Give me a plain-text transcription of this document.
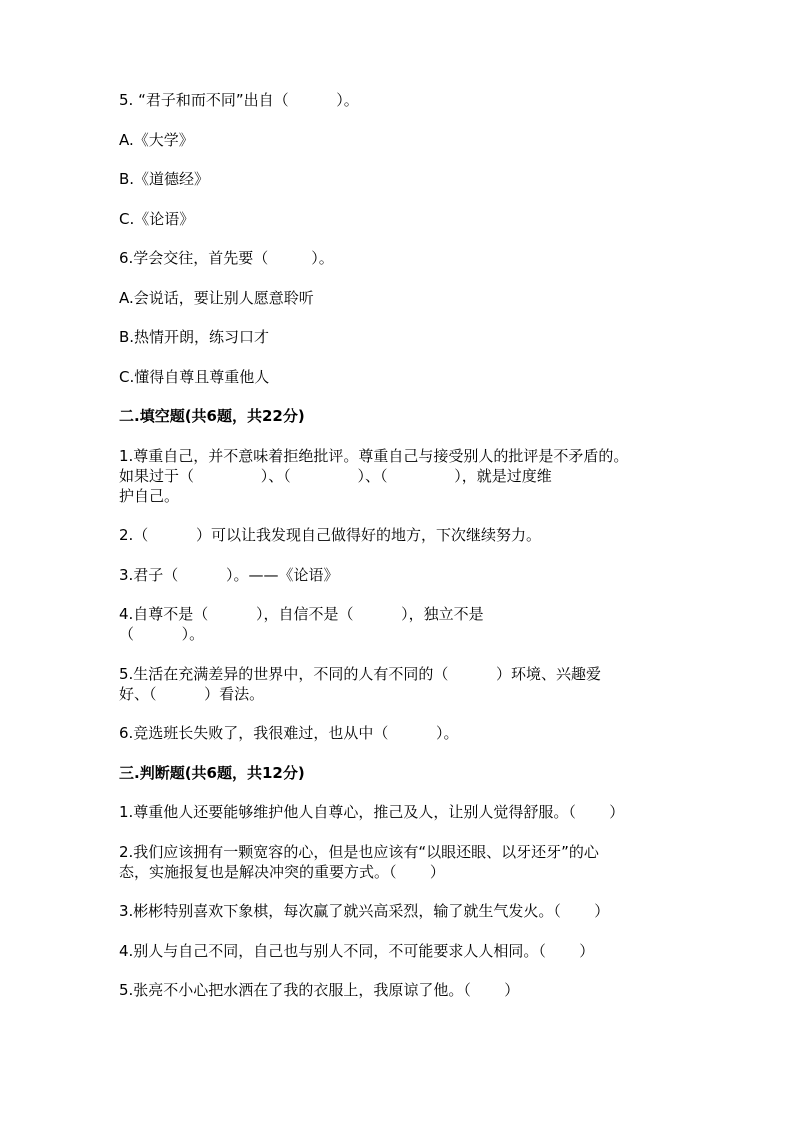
5. “君子和而不同”出自（          ）。
A.《大学》
B.《道德经》
C.《论语》
6.学会交往，首先要（         ）。
A.会说话，要让别人愿意聆听
B.热情开朗，练习口才
C.懂得自尊且尊重他人
二.填空题(共6题，共22分)
1.尊重自己，并不意味着拒绝批评。尊重自己与接受别人的批评是不矛盾的。
如果过于（              ）、（              ）、（              ），就是过度维
护自己。
2.（          ）可以让我发现自己做得好的地方，下次继续努力。
3.君子（          ）。——《论语》
4.自尊不是（          ），自信不是（          ），独立不是
（          ）。
5.生活在充满差异的世界中，不同的人有不同的（          ）环境、兴趣爱
好、（          ）看法。
6.竞选班长失败了，我很难过，也从中（          ）。
三.判断题(共6题，共12分)
1.尊重他人还要能够维护他人自尊心，推己及人，让别人觉得舒服。（       ）
2.我们应该拥有一颗宽容的心，但是也应该有“以眼还眼、以牙还牙”的心
态，实施报复也是解决冲突的重要方式。（       ）
3.彬彬特别喜欢下象棋，每次赢了就兴高采烈，输了就生气发火。（       ）
4.别人与自己不同，自己也与别人不同，不可能要求人人相同。（       ）
5.张亮不小心把水洒在了我的衣服上，我原谅了他。（       ）
